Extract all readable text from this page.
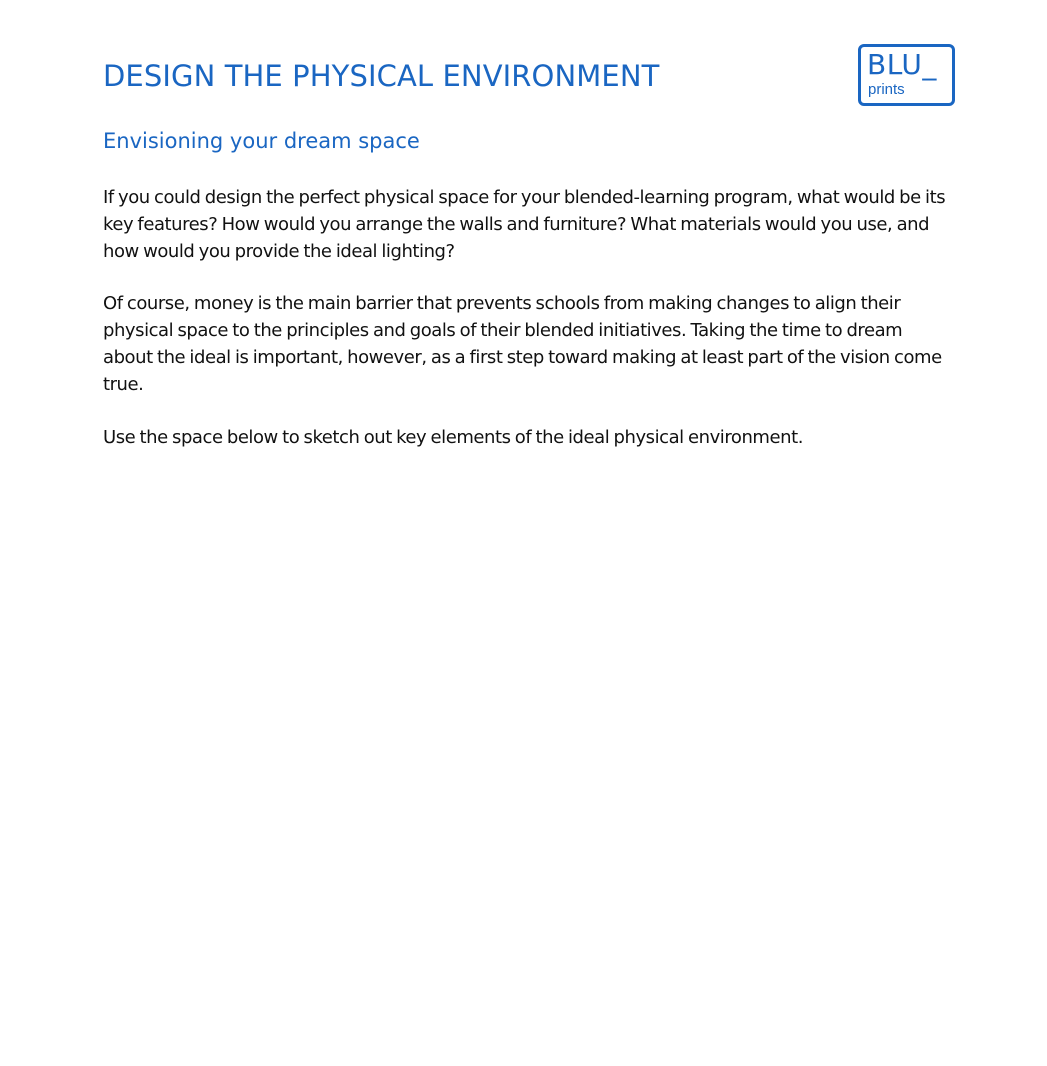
DESIGN THE PHYSICAL ENVIRONMENT	BLU_
prints
Envisioning your dream space

If you could design the perfect physical space for your blended-learning program, what would be its key features? How would you arrange the walls and furniture? What materials would you use, and how would you provide the ideal lighting?

Of course, money is the main barrier that prevents schools from making changes to align their physical space to the principles and goals of their blended initiatives. Taking the time to dream about the ideal is important, however, as a first step toward making at least part of the vision come true.

Use the space below to sketch out key elements of the ideal physical environment.
